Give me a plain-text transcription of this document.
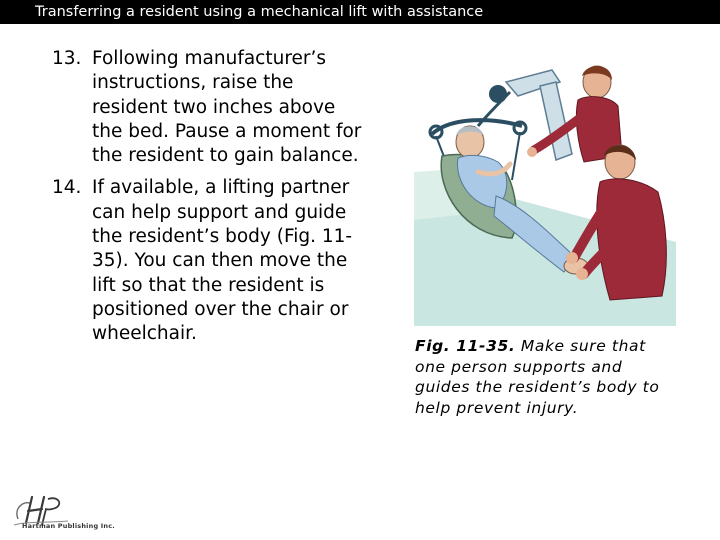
Transferring a resident using a mechanical lift with assistance
13. Following manufacturer’s instructions, raise the resident two inches above the bed. Pause a moment for the resident to gain balance.
14. If available, a lifting partner can help support and guide the resident’s body (Fig. 11-35). You can then move the lift so that the resident is positioned over the chair or wheelchair.
Fig. 11-35. Make sure that one person supports and guides the resident’s body to help prevent injury.
Hartman Publishing Inc.
